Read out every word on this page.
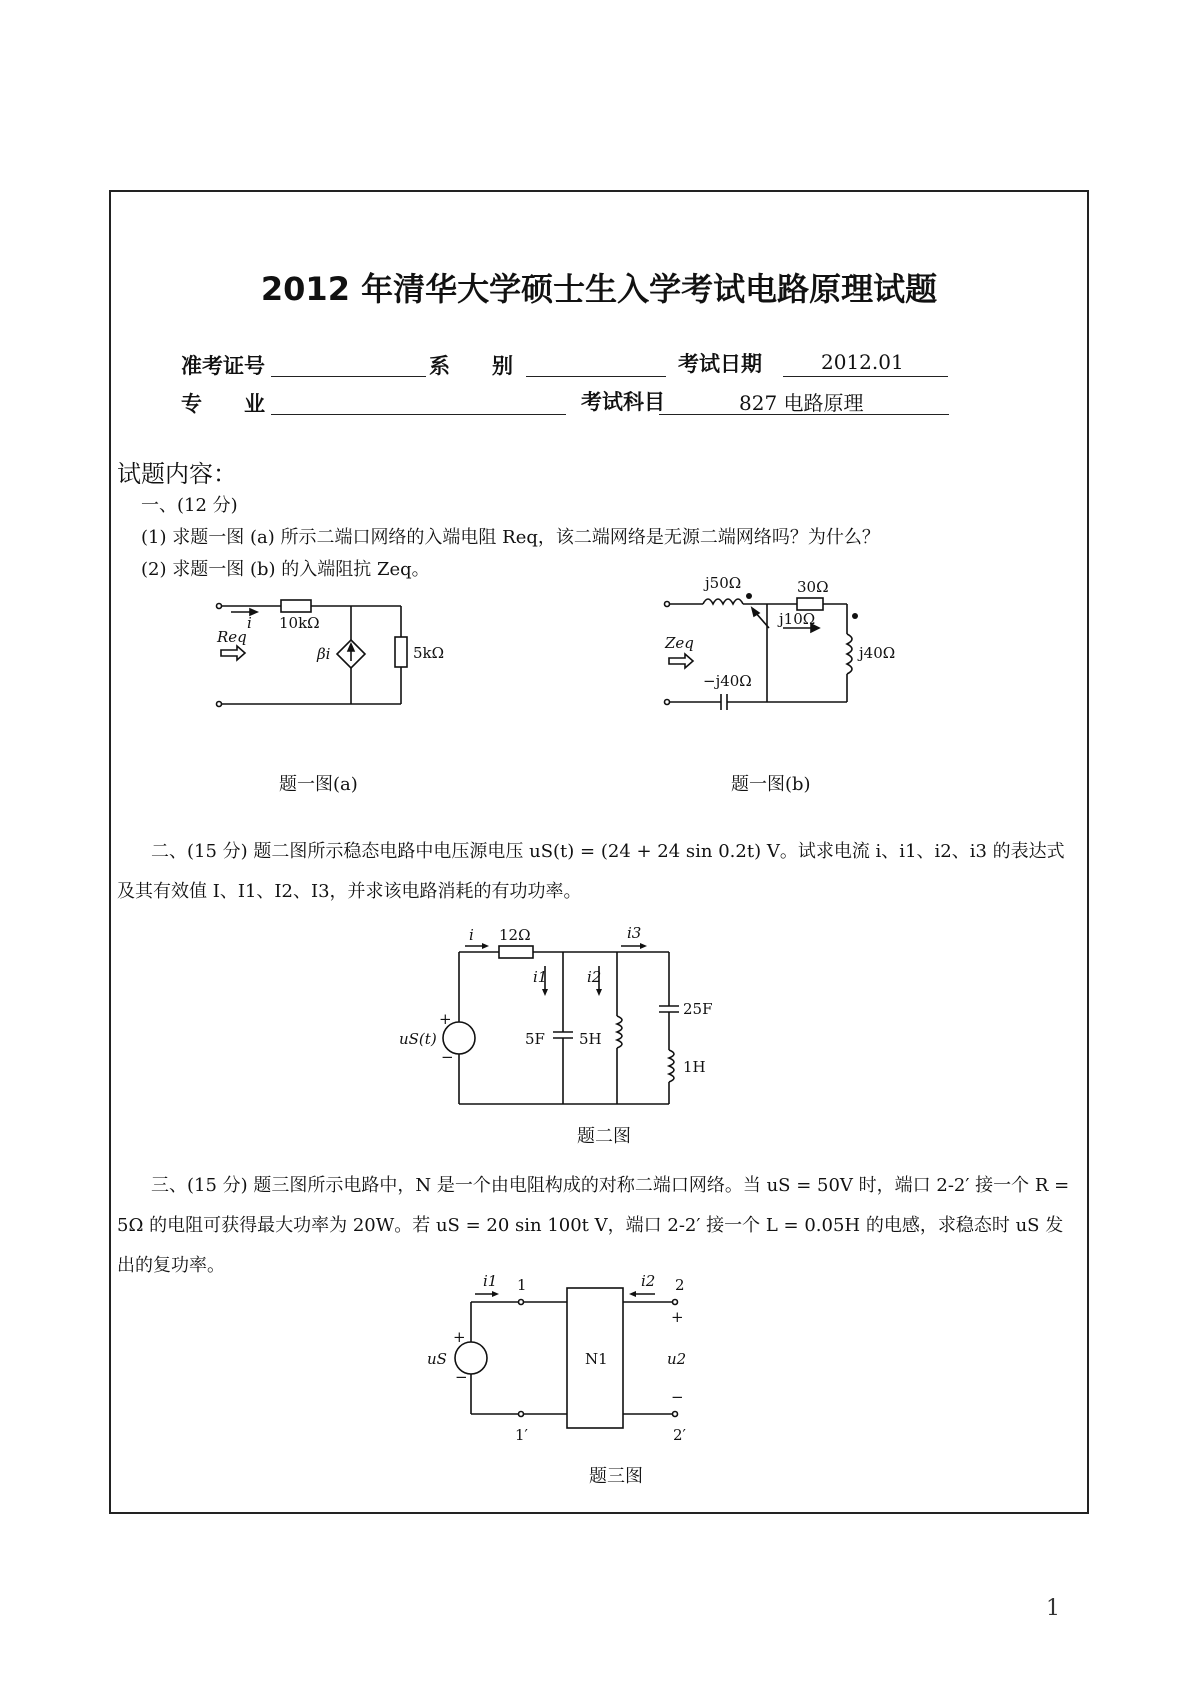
2012 年清华大学硕士生入学考试电路原理试题
准考证号	系　　别	考试日期	2012.01
专　　业	考试科目	827 电路原理
试题内容：
一、(12 分)
(1) 求题一图 (a) 所示二端口网络的入端电阻 Req，该二端网络是无源二端网络吗？为什么？
(2) 求题一图 (b) 的入端阻抗 Zeq。
i
Req
10kΩ
βi	5kΩ
题一图(a)
j50Ω	30Ω
j10Ω
j40Ω
−j40Ω
Zeq
题一图(b)
二、(15 分) 题二图所示稳态电路中电压源电压 uS(t) = (24 + 24 sin 0.2t) V。试求电流 i、i1、i2、i3 的表达式及其有效值 I、I1、I2、I3，并求该电路消耗的有功功率。
i 12Ω
i1	i2
i3
uS(t)
+
−
5F 5H
25F
1H
题二图
三、(15 分) 题三图所示电路中，N 是一个由电阻构成的对称二端口网络。当 uS = 50V 时，端口 2-2′ 接一个 R = 5Ω 的电阻可获得最大功率为 20W。若 uS = 20 sin 100t V，端口 2-2′ 接一个 L = 0.05H 的电感，求稳态时 uS 发出的复功率。
i1	i2
1
1′
2
2′
uS
+
−
N1
+
u2
−
题三图
1
